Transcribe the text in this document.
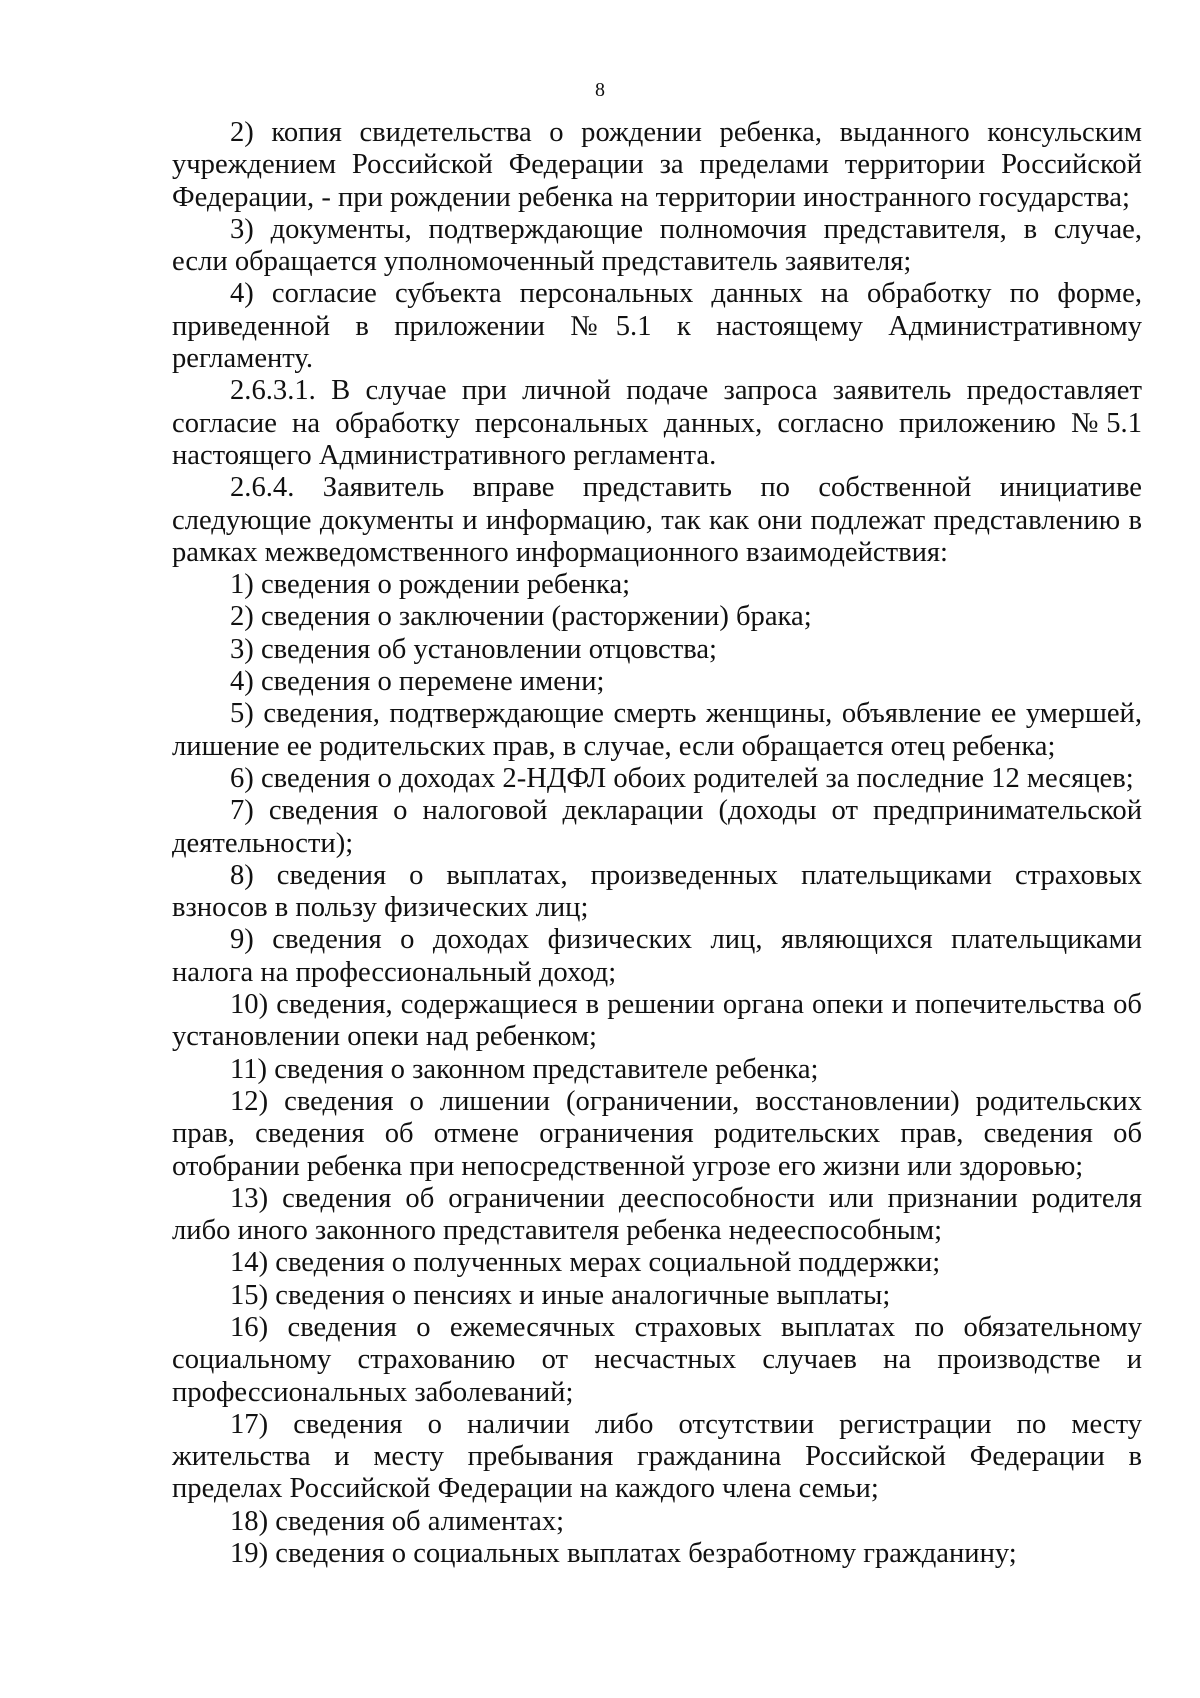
8

2) копия свидетельства о рождении ребенка, выданного консульским учреждением Российской Федерации за пределами территории Российской Федерации, - при рождении ребенка на территории иностранного государства;

3) документы, подтверждающие полномочия представителя, в случае, если обращается уполномоченный представитель заявителя;

4) согласие субъекта персональных данных на обработку по форме, приведенной в приложении №5.1 к настоящему Административному регламенту.

2.6.3.1. В случае при личной подаче запроса заявитель предоставляет согласие на обработку персональных данных, согласно приложению №5.1 настоящего Административного регламента.

2.6.4. Заявитель вправе представить по собственной инициативе следующие документы и информацию, так как они подлежат представлению в рамках межведомственного информационного взаимодействия:

1) сведения о рождении ребенка;

2) сведения о заключении (расторжении) брака;

3) сведения об установлении отцовства;

4) сведения о перемене имени;

5) сведения, подтверждающие смерть женщины, объявление ее умершей, лишение ее родительских прав, в случае, если обращается отец ребенка;

6) сведения о доходах 2-НДФЛ обоих родителей за последние 12 месяцев;

7) сведения о налоговой декларации (доходы от предпринимательской деятельности);

8) сведения о выплатах, произведенных плательщиками страховых взносов в пользу физических лиц;

9) сведения о доходах физических лиц, являющихся плательщиками налога на профессиональный доход;

10) сведения, содержащиеся в решении органа опеки и попечительства об установлении опеки над ребенком;

11) сведения о законном представителе ребенка;

12) сведения о лишении (ограничении, восстановлении) родительских прав, сведения об отмене ограничения родительских прав, сведения об отобрании ребенка при непосредственной угрозе его жизни или здоровью;

13) сведения об ограничении дееспособности или признании родителя либо иного законного представителя ребенка недееспособным;

14) сведения о полученных мерах социальной поддержки;

15) сведения о пенсиях и иные аналогичные выплаты;

16) сведения о ежемесячных страховых выплатах по обязательному социальному страхованию от несчастных случаев на производстве и профессиональных заболеваний;

17) сведения о наличии либо отсутствии регистрации по месту жительства и месту пребывания гражданина Российской Федерации в пределах Российской Федерации на каждого члена семьи;

18) сведения об алиментах;

19) сведения о социальных выплатах безработному гражданину;
